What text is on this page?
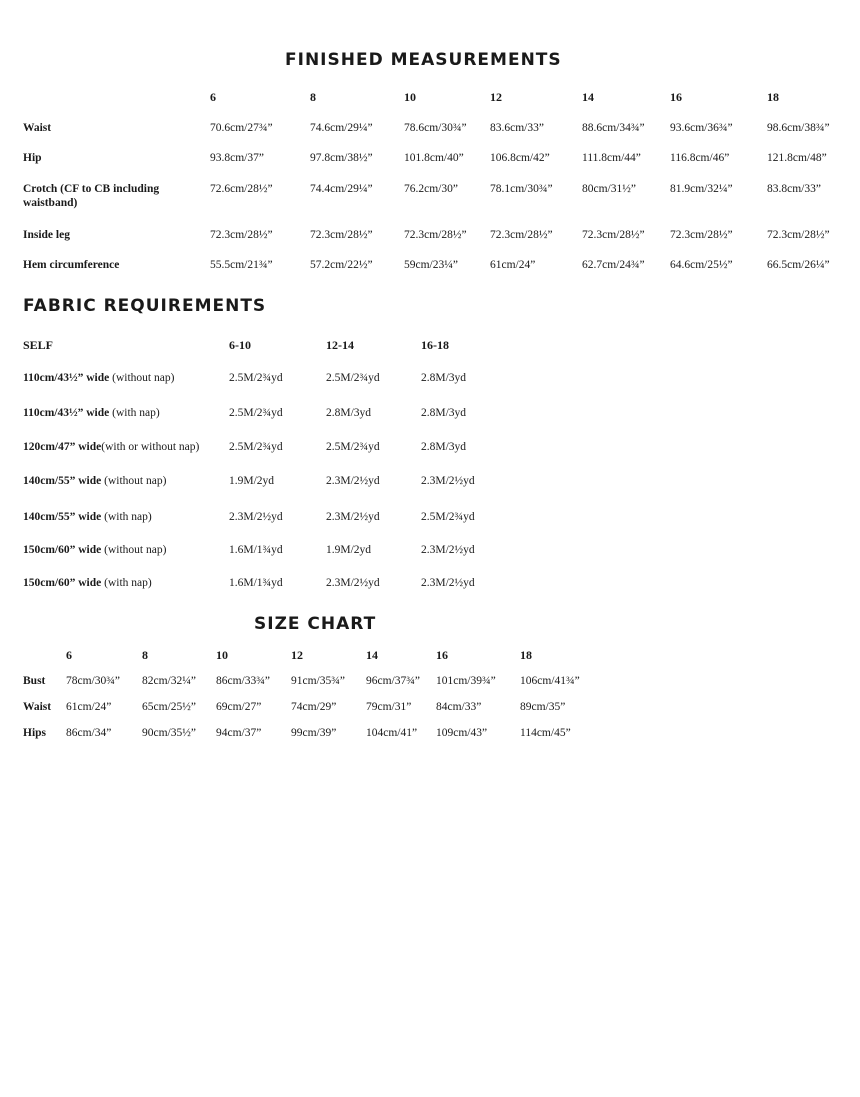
FINISHED MEASUREMENTS
6	8	10	12	14	16	18
Waist	70.6cm/27¾”	74.6cm/29¼”	78.6cm/30¾” 83.6cm/33”	88.6cm/34¾” 93.6cm/36¾”	98.6cm/38¾”
Hip	93.8cm/37”	97.8cm/38½”	101.8cm/40” 106.8cm/42”	111.8cm/44”	116.8cm/46”	121.8cm/48”
Crotch (CF to CB including waistband)
72.6cm/28½”	74.4cm/29¼”	76.2cm/30”	78.1cm/30¾”	80cm/31½”	81.9cm/32¼”	83.8cm/33”
Inside leg	72.3cm/28½”	72.3cm/28½”	72.3cm/28½” 72.3cm/28½”	72.3cm/28½” 72.3cm/28½”	72.3cm/28½”
Hem circumference	55.5cm/21¾”	57.2cm/22½”	59cm/23¼”	61cm/24”	62.7cm/24¾” 64.6cm/25½”	66.5cm/26¼”
FABRIC REQUIREMENTS
SELF	6-10	12-14	16-18
110cm/43½” wide (without nap)	2.5M/2¾yd	2.5M/2¾yd	2.8M/3yd
110cm/43½” wide (with nap)	2.5M/2¾yd	2.8M/3yd	2.8M/3yd
120cm/47” wide(with or without nap)	2.5M/2¾yd	2.5M/2¾yd	2.8M/3yd
140cm/55” wide (without nap)	1.9M/2yd	2.3M/2½yd	2.3M/2½yd
140cm/55” wide (with nap)	2.3M/2½yd	2.3M/2½yd	2.5M/2¾yd
150cm/60” wide (without nap)	1.6M/1¾yd	1.9M/2yd	2.3M/2½yd
150cm/60” wide (with nap)	1.6M/1¾yd	2.3M/2½yd	2.3M/2½yd
SIZE CHART
6	8	10	12	14	16	18
Bust 78cm/30¾” 82cm/32¼” 86cm/33¾” 91cm/35¾” 96cm/37¾” 101cm/39¾” 106cm/41¾”
Waist 61cm/24”	65cm/25½” 69cm/27”	74cm/29”	79cm/31” 84cm/33”	89cm/35”
Hips 86cm/34”	90cm/35½” 94cm/37”	99cm/39”	104cm/41” 109cm/43”	114cm/45”
